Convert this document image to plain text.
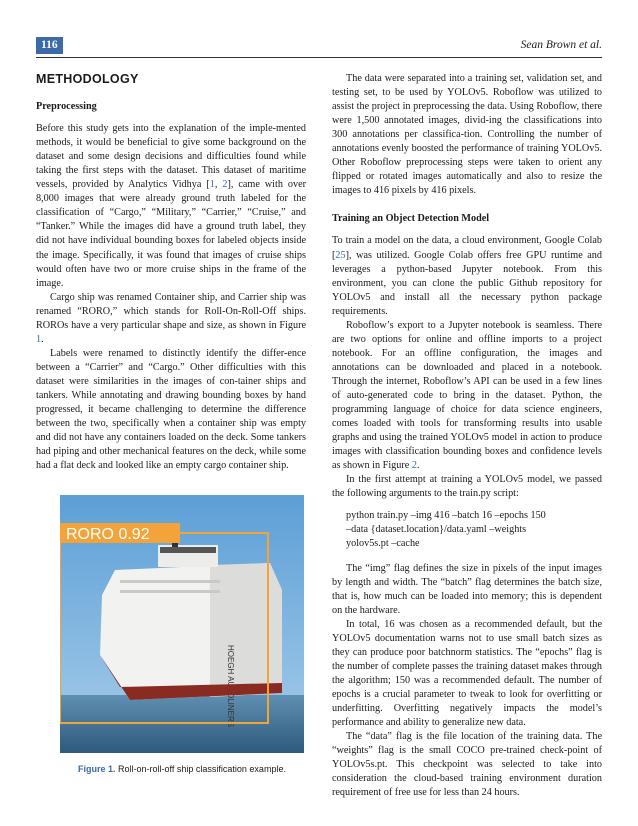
116	Sean Brown et al.
METHODOLOGY
Preprocessing

Before this study gets into the explanation of the imple-mented methods, it would be beneficial to give some background on the dataset and some design decisions and difficulties found while taking the first steps with the dataset. This dataset of maritime vessels, provided by Analytics Vidhya [1, 2], came with over 8,000 images that were already ground truth labeled for the classification of “Cargo,” “Military,” “Carrier,” “Cruise,” and “Tanker.” While the images did have a ground truth label, they did not have individual bounding boxes for labeled objects inside the image. Specifically, it was found that images of cruise ships would often have two or more cruise ships in the frame of the image.

Cargo ship was renamed Container ship, and Carrier ship was renamed “RORO,” which stands for Roll-On-Roll-Off ships. ROROs have a very particular shape and size, as shown in Figure 1.

Labels were renamed to distinctly identify the differ-ence between a “Carrier” and “Cargo.” Other difficulties with this dataset were similarities in the images of con-tainer ships and tankers. While annotating and drawing bounding boxes by hand progressed, it became challenging to determine the difference between the two, specifically when a container ship was empty and did not have any containers loaded on the deck. Some tankers had piping and other mechanical features on the deck, while some had a flat deck and looked like an empty cargo container ship.

RORO 0.92
Figure 1. Roll-on-roll-off ship classification example.

The data were separated into a training set, validation set, and testing set, to be used by YOLOv5. Roboflow was utilized to assist the project in preprocessing the data. Using Roboflow, there were 1,500 annotated images, divid-ing the classifications into 300 annotations per classifica-tion. Controlling the number of annotations evenly boosted the performance of training YOLOv5. Other Roboflow preprocessing steps were taken to orient any flipped or rotated images automatically and also to resize the images to 416 pixels by 416 pixels.

Training an Object Detection Model

To train a model on the data, a cloud environment, Google Colab [25], was utilized. Google Colab offers free GPU runtime and leverages a python-based Jupyter notebook. From this environment, you can clone the public Github repository for YOLOv5 and install all the necessary python package requirements.

Roboflow’s export to a Jupyter notebook is seamless. There are two options for online and offline imports to a project notebook. For an offline configuration, the images and annotations can be downloaded and placed in a notebook. Through the internet, Roboflow’s API can be used in a few lines of auto-generated code to bring in the dataset. Python, the programming language of choice for data science engineers, comes loaded with tools for transforming results into usable graphs and using the trained YOLOv5 model in action to produce images with classification bounding boxes and confidence levels as shown in Figure 2.

In the first attempt at training a YOLOv5 model, we passed the following arguments to the train.py script:

python train.py –img 416 –batch 16 –epochs 150
–data {dataset.location}/data.yaml –weights
yolov5s.pt –cache

The “img” flag defines the size in pixels of the input images by length and width. The “batch” flag determines the batch size, that is, how much can be loaded into memory; this is dependent on the hardware.

In total, 16 was chosen as a recommended default, but the YOLOv5 documentation warns not to use small batch sizes as they can produce poor batchnorm statistics. The “epochs” flag is the number of complete passes the training dataset makes through the algorithm; 150 was a recommended default. The number of epochs is a crucial parameter to tweak to look for overfitting or underfitting. Overfitting negatively impacts the model’s performance and ability to generalize new data.

The “data” flag is the file location of the training data. The “weights” flag is the small COCO pre-trained check-point of YOLOv5s.pt. This checkpoint was selected to take into consideration the cloud-based training environment duration requirement of free use for less than 24 hours.
